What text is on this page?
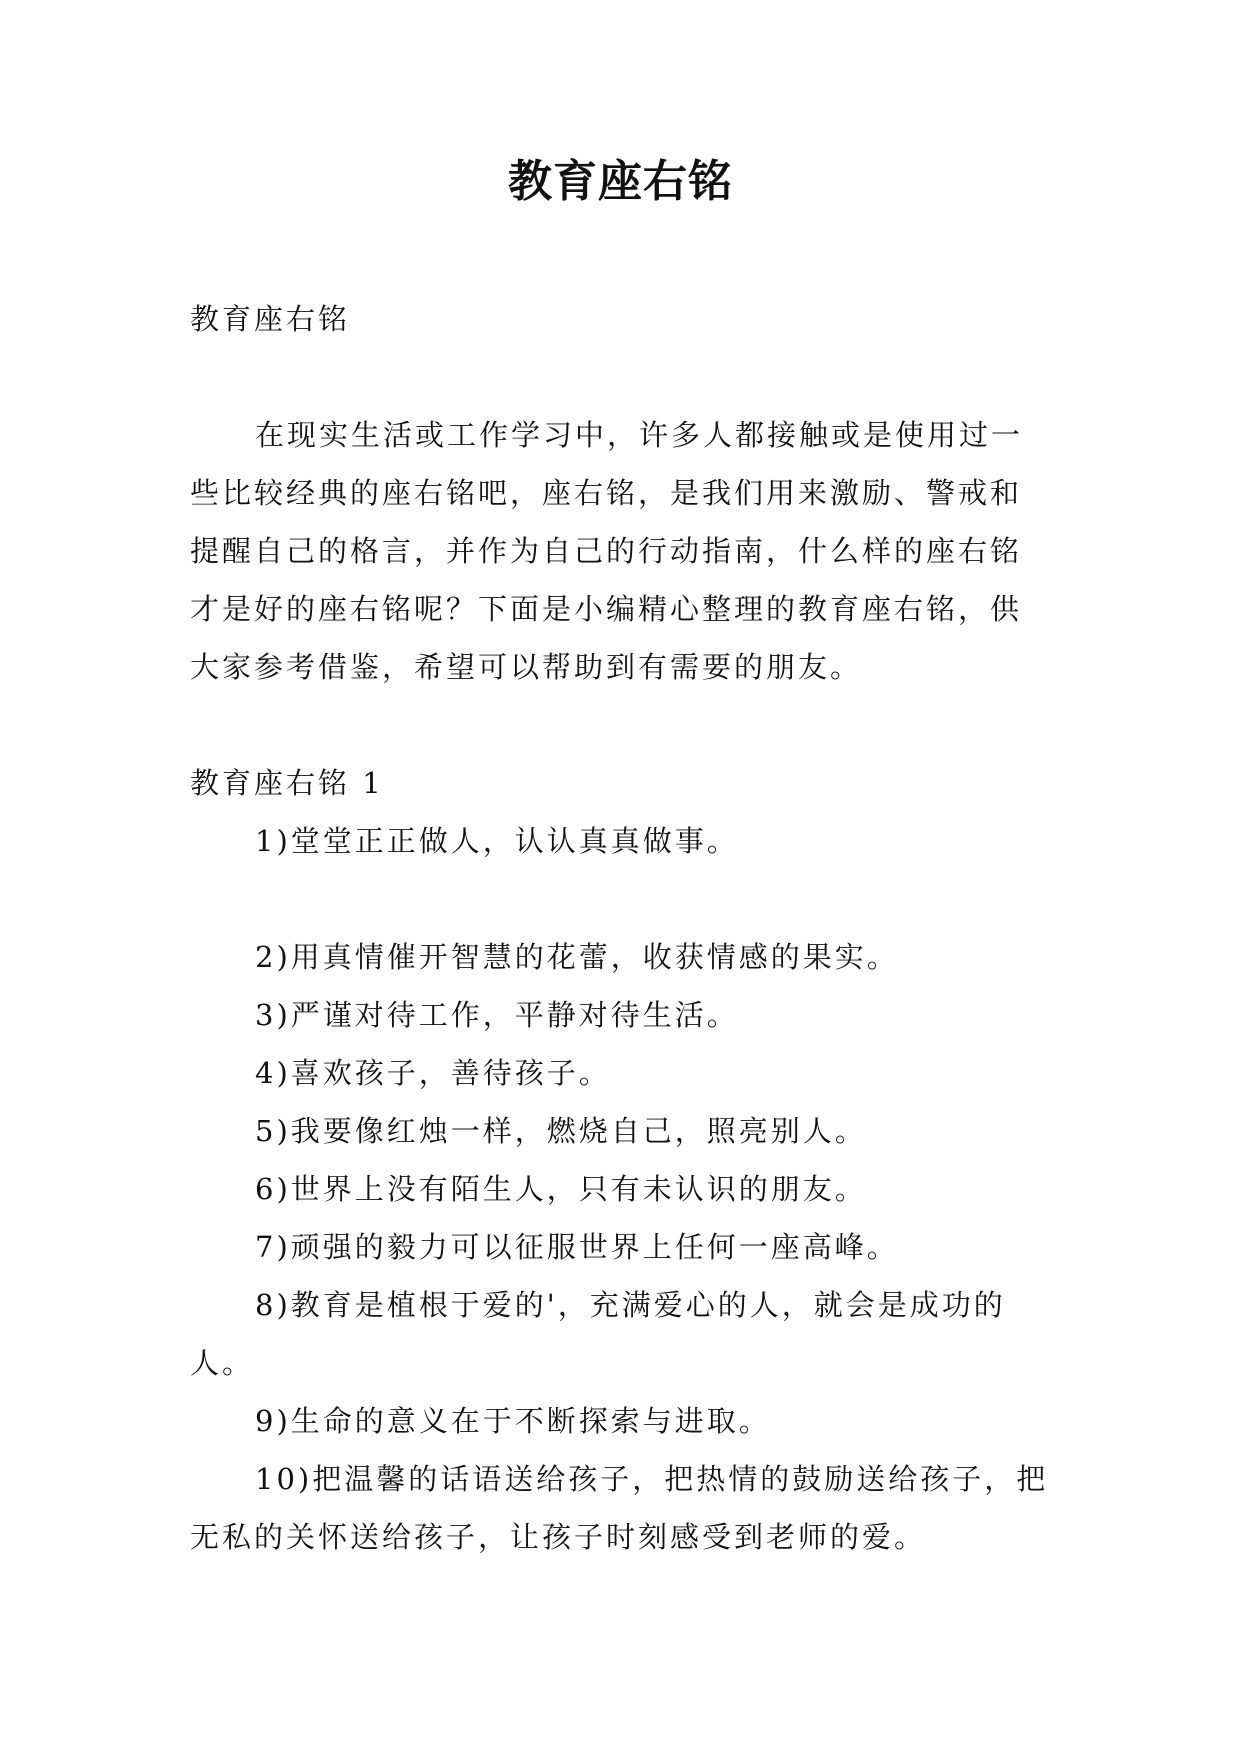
教育座右铭

教育座右铭

在现实生活或工作学习中，许多人都接触或是使用过一些比较经典的座右铭吧，座右铭，是我们用来激励、警戒和提醒自己的格言，并作为自己的行动指南，什么样的座右铭才是好的座右铭呢？下面是小编精心整理的教育座右铭，供大家参考借鉴，希望可以帮助到有需要的朋友。

教育座右铭 1

1)堂堂正正做人，认认真真做事。

2)用真情催开智慧的花蕾，收获情感的果实。

3)严谨对待工作，平静对待生活。

4)喜欢孩子，善待孩子。

5)我要像红烛一样，燃烧自己，照亮别人。

6)世界上没有陌生人，只有未认识的朋友。

7)顽强的毅力可以征服世界上任何一座高峰。

8)教育是植根于爱的'，充满爱心的人，就会是成功的人。

9)生命的意义在于不断探索与进取。

10)把温馨的话语送给孩子，把热情的鼓励送给孩子，把无私的关怀送给孩子，让孩子时刻感受到老师的爱。
